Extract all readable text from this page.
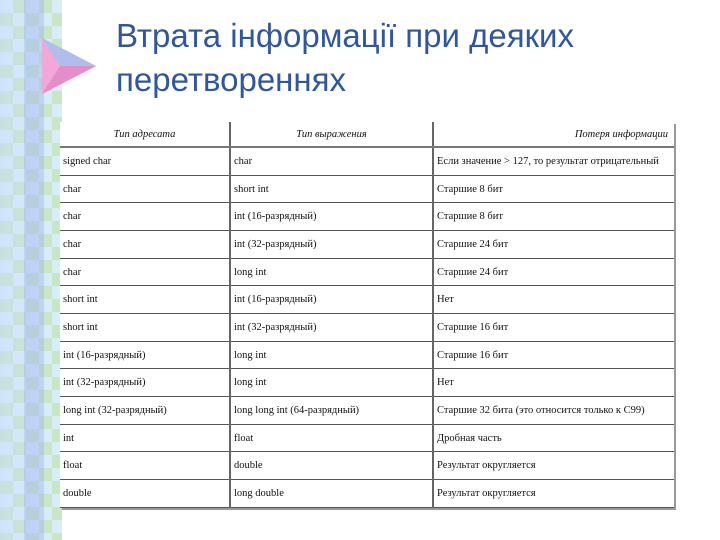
Втрата інформації при деяких
перетвореннях
Тип адресата	Тип выражения	Потеря информации
signed char	char	Если значение > 127, то результат отрицательный
char	short int	Старшие 8 бит
char	int (16-разрядный)	Старшие 8 бит
char	int (32-разрядный)	Старшие 24 бит
char	long int	Старшие 24 бит
short int	int (16-разрядный)	Нет
short int	int (32-разрядный)	Старшие 16 бит
int (16-разрядный)	long int	Старшие 16 бит
int (32-разрядный)	long int	Нет
long int (32-разрядный)	long long int (64-разрядный)	Старшие 32 бита (это относится только к C99)
int	float	Дробная часть
float	double	Результат округляется
double	long double	Результат округляется
